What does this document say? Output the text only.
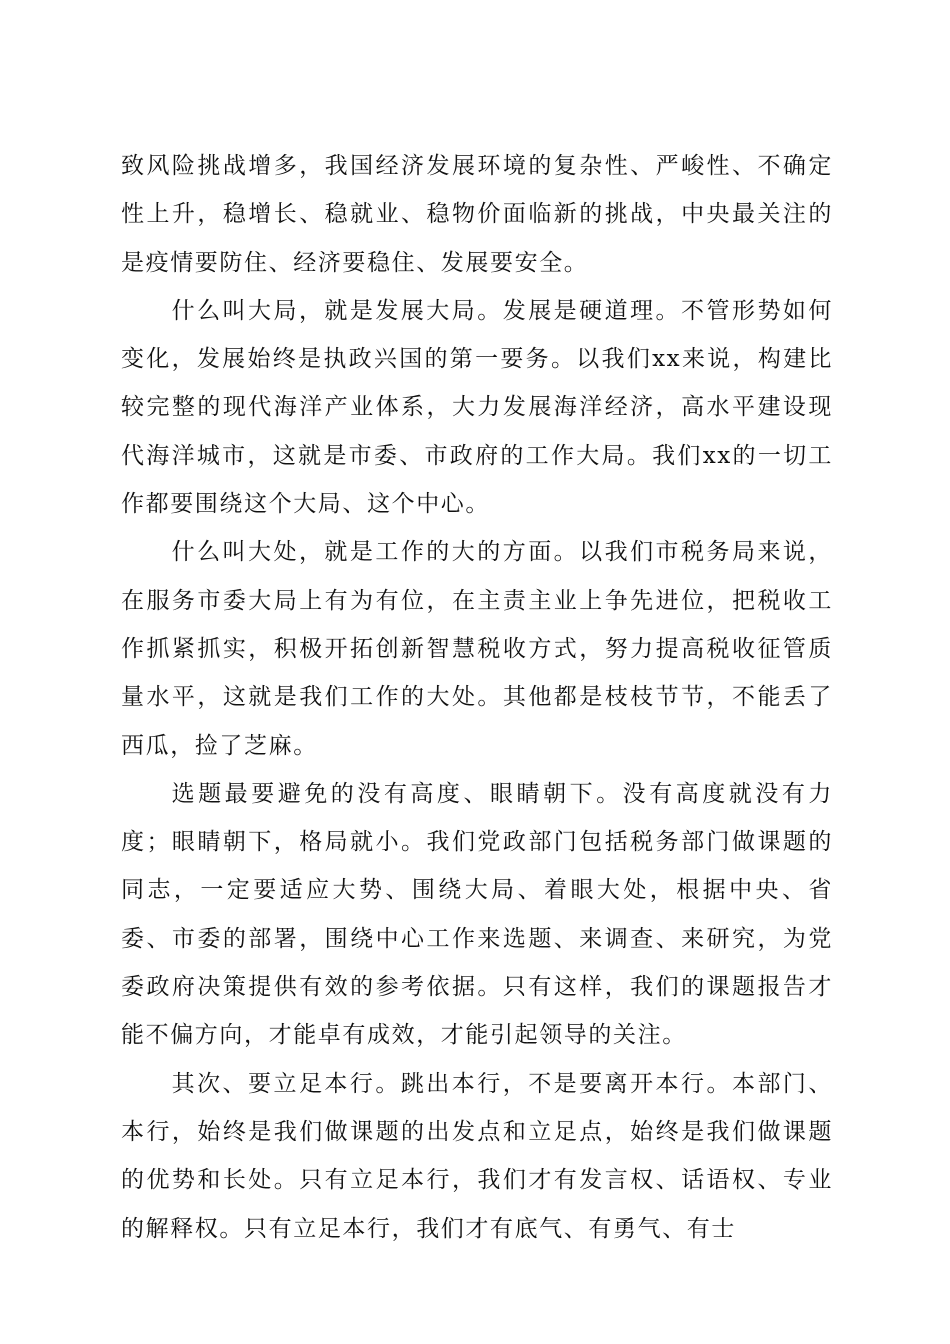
致风险挑战增多，我国经济发展环境的复杂性、严峻性、不确定性上升，稳增长、稳就业、稳物价面临新的挑战，中央最关注的是疫情要防住、经济要稳住、发展要安全。

什么叫大局，就是发展大局。发展是硬道理。不管形势如何变化，发展始终是执政兴国的第一要务。以我们xx来说，构建比较完整的现代海洋产业体系，大力发展海洋经济，高水平建设现代海洋城市，这就是市委、市政府的工作大局。我们xx的一切工作都要围绕这个大局、这个中心。

什么叫大处，就是工作的大的方面。以我们市税务局来说，在服务市委大局上有为有位，在主责主业上争先进位，把税收工作抓紧抓实，积极开拓创新智慧税收方式，努力提高税收征管质量水平，这就是我们工作的大处。其他都是枝枝节节，不能丢了西瓜，捡了芝麻。

选题最要避免的没有高度、眼睛朝下。没有高度就没有力度；眼睛朝下，格局就小。我们党政部门包括税务部门做课题的同志，一定要适应大势、围绕大局、着眼大处，根据中央、省委、市委的部署，围绕中心工作来选题、来调查、来研究，为党委政府决策提供有效的参考依据。只有这样，我们的课题报告才能不偏方向，才能卓有成效，才能引起领导的关注。

其次、要立足本行。跳出本行，不是要离开本行。本部门、本行，始终是我们做课题的出发点和立足点，始终是我们做课题的优势和长处。只有立足本行，我们才有发言权、话语权、专业的解释权。只有立足本行，我们才有底气、有勇气、有士
